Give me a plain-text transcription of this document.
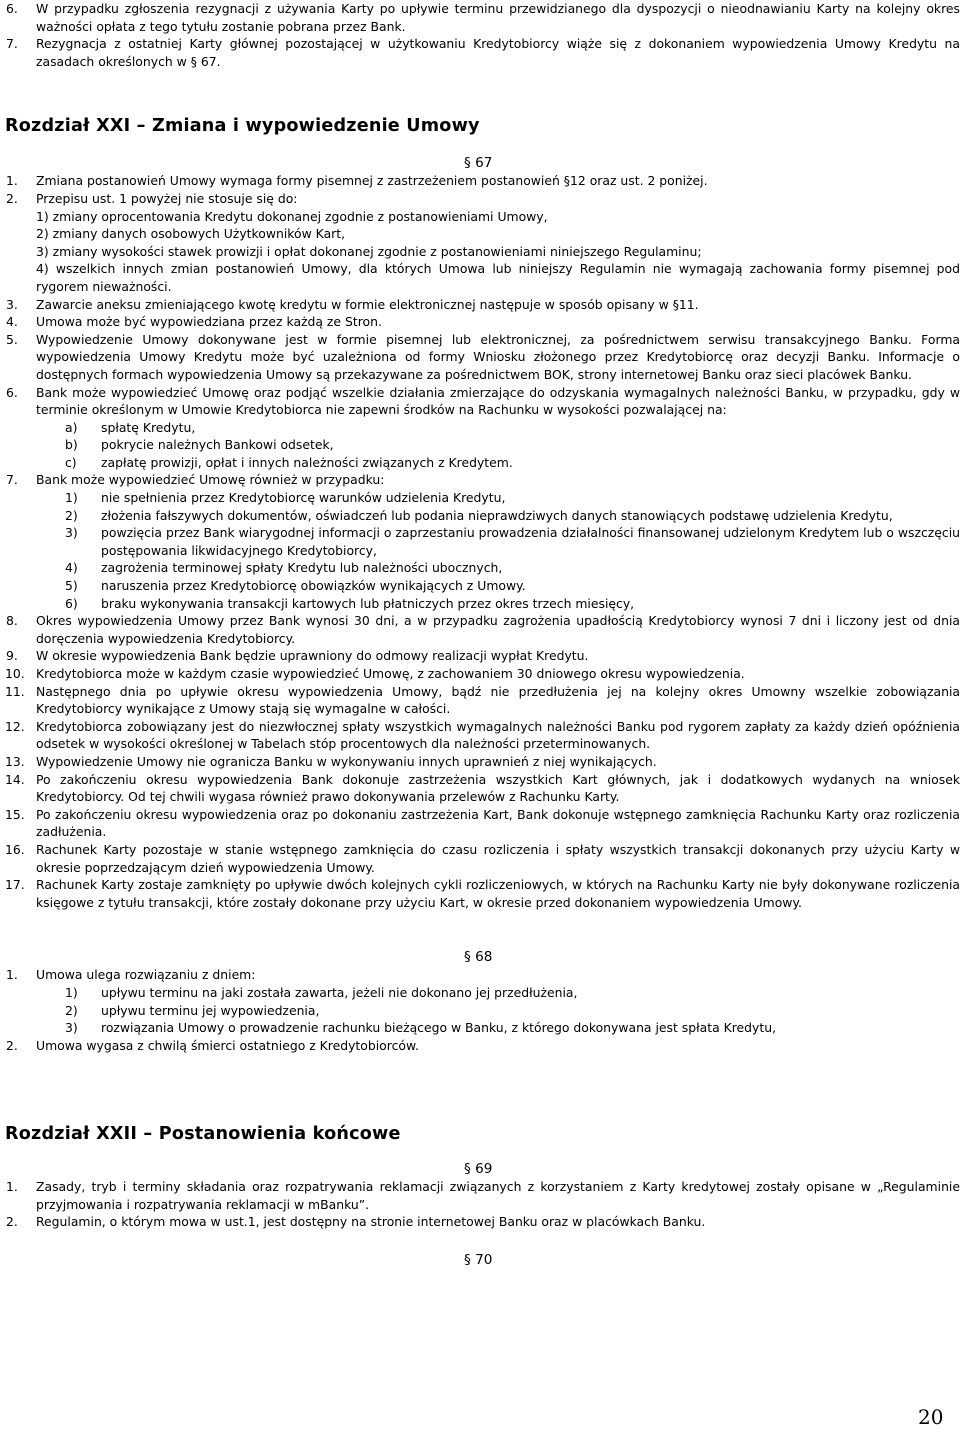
6. W przypadku zgłoszenia rezygnacji z używania Karty po upływie terminu przewidzianego dla dyspozycji o nieodnawianiu Karty na kolejny okres ważności opłata z tego tytułu zostanie pobrana przez Bank.

7. Rezygnacja z ostatniej Karty głównej pozostającej w użytkowaniu Kredytobiorcy wiąże się z dokonaniem wypowiedzenia Umowy Kredytu na zasadach określonych w § 67.

Rozdział XXI – Zmiana i wypowiedzenie Umowy

§ 67

1. Zmiana postanowień Umowy wymaga formy pisemnej z zastrzeżeniem postanowień §12 oraz ust. 2 poniżej.

2. Przepisu ust. 1 powyżej nie stosuje się do:

1) zmiany oprocentowania Kredytu dokonanej zgodnie z postanowieniami Umowy,

2) zmiany danych osobowych Użytkowników Kart,

3) zmiany wysokości stawek prowizji i opłat dokonanej zgodnie z postanowieniami niniejszego Regulaminu;

4) wszelkich innych zmian postanowień Umowy, dla których Umowa lub niniejszy Regulamin nie wymagają zachowania formy pisemnej pod rygorem nieważności.

3. Zawarcie aneksu zmieniającego kwotę kredytu w formie elektronicznej następuje w sposób opisany w §11.

4. Umowa może być wypowiedziana przez każdą ze Stron.

5. Wypowiedzenie Umowy dokonywane jest w formie pisemnej lub elektronicznej, za pośrednictwem serwisu transakcyjnego Banku. Forma wypowiedzenia Umowy Kredytu może być uzależniona od formy Wniosku złożonego przez Kredytobiorcę oraz decyzji Banku. Informacje o dostępnych formach wypowiedzenia Umowy są przekazywane za pośrednictwem BOK, strony internetowej Banku oraz sieci placówek Banku.

6. Bank może wypowiedzieć Umowę oraz podjąć wszelkie działania zmierzające do odzyskania wymagalnych należności Banku, w przypadku, gdy w terminie określonym w Umowie Kredytobiorca nie zapewni środków na Rachunku w wysokości pozwalającej na:

a) spłatę Kredytu,

b) pokrycie należnych Bankowi odsetek,

c) zapłatę prowizji, opłat i innych należności związanych z Kredytem.

7. Bank może wypowiedzieć Umowę również w przypadku:

1) nie spełnienia przez Kredytobiorcę warunków udzielenia Kredytu,

2) złożenia fałszywych dokumentów, oświadczeń lub podania nieprawdziwych danych stanowiących podstawę udzielenia Kredytu,

3) powzięcia przez Bank wiarygodnej informacji o zaprzestaniu prowadzenia działalności finansowanej udzielonym Kredytem lub o wszczęciu postępowania likwidacyjnego Kredytobiorcy,

4) zagrożenia terminowej spłaty Kredytu lub należności ubocznych,

5) naruszenia przez Kredytobiorcę obowiązków wynikających z Umowy.

6) braku wykonywania transakcji kartowych lub płatniczych przez okres trzech miesięcy,

8. Okres wypowiedzenia Umowy przez Bank wynosi 30 dni, a w przypadku zagrożenia upadłością Kredytobiorcy wynosi 7 dni i liczony jest od dnia doręczenia wypowiedzenia Kredytobiorcy.

9. W okresie wypowiedzenia Bank będzie uprawniony do odmowy realizacji wypłat Kredytu.

10. Kredytobiorca może w każdym czasie wypowiedzieć Umowę, z zachowaniem 30 dniowego okresu wypowiedzenia.

11. Następnego dnia po upływie okresu wypowiedzenia Umowy, bądź nie przedłużenia jej na kolejny okres Umowny wszelkie zobowiązania Kredytobiorcy wynikające z Umowy stają się wymagalne w całości.

12. Kredytobiorca zobowiązany jest do niezwłocznej spłaty wszystkich wymagalnych należności Banku pod rygorem zapłaty za każdy dzień opóźnienia odsetek w wysokości określonej w Tabelach stóp procentowych dla należności przeterminowanych.

13. Wypowiedzenie Umowy nie ogranicza Banku w wykonywaniu innych uprawnień z niej wynikających.

14. Po zakończeniu okresu wypowiedzenia Bank dokonuje zastrzeżenia wszystkich Kart głównych, jak i dodatkowych wydanych na wniosek Kredytobiorcy. Od tej chwili wygasa również prawo dokonywania przelewów z Rachunku Karty.

15. Po zakończeniu okresu wypowiedzenia oraz po dokonaniu zastrzeżenia Kart, Bank dokonuje wstępnego zamknięcia Rachunku Karty oraz rozliczenia zadłużenia.

16. Rachunek Karty pozostaje w stanie wstępnego zamknięcia do czasu rozliczenia i spłaty wszystkich transakcji dokonanych przy użyciu Karty w okresie poprzedzającym dzień wypowiedzenia Umowy.

17. Rachunek Karty zostaje zamknięty po upływie dwóch kolejnych cykli rozliczeniowych, w których na Rachunku Karty nie były dokonywane rozliczenia księgowe z tytułu transakcji, które zostały dokonane przy użyciu Kart, w okresie przed dokonaniem wypowiedzenia Umowy.

§ 68

1. Umowa ulega rozwiązaniu z dniem:

1) upływu terminu na jaki została zawarta, jeżeli nie dokonano jej przedłużenia,

2) upływu terminu jej wypowiedzenia,

3) rozwiązania Umowy o prowadzenie rachunku bieżącego w Banku, z którego dokonywana jest spłata Kredytu,

2. Umowa wygasa z chwilą śmierci ostatniego z Kredytobiorców.

Rozdział XXII – Postanowienia końcowe

§ 69

1. Zasady, tryb i terminy składania oraz rozpatrywania reklamacji związanych z korzystaniem z Karty kredytowej zostały opisane w „Regulaminie przyjmowania i rozpatrywania reklamacji w mBanku”.

2. Regulamin, o którym mowa w ust.1, jest dostępny na stronie internetowej Banku oraz w placówkach Banku.

§ 70

20
